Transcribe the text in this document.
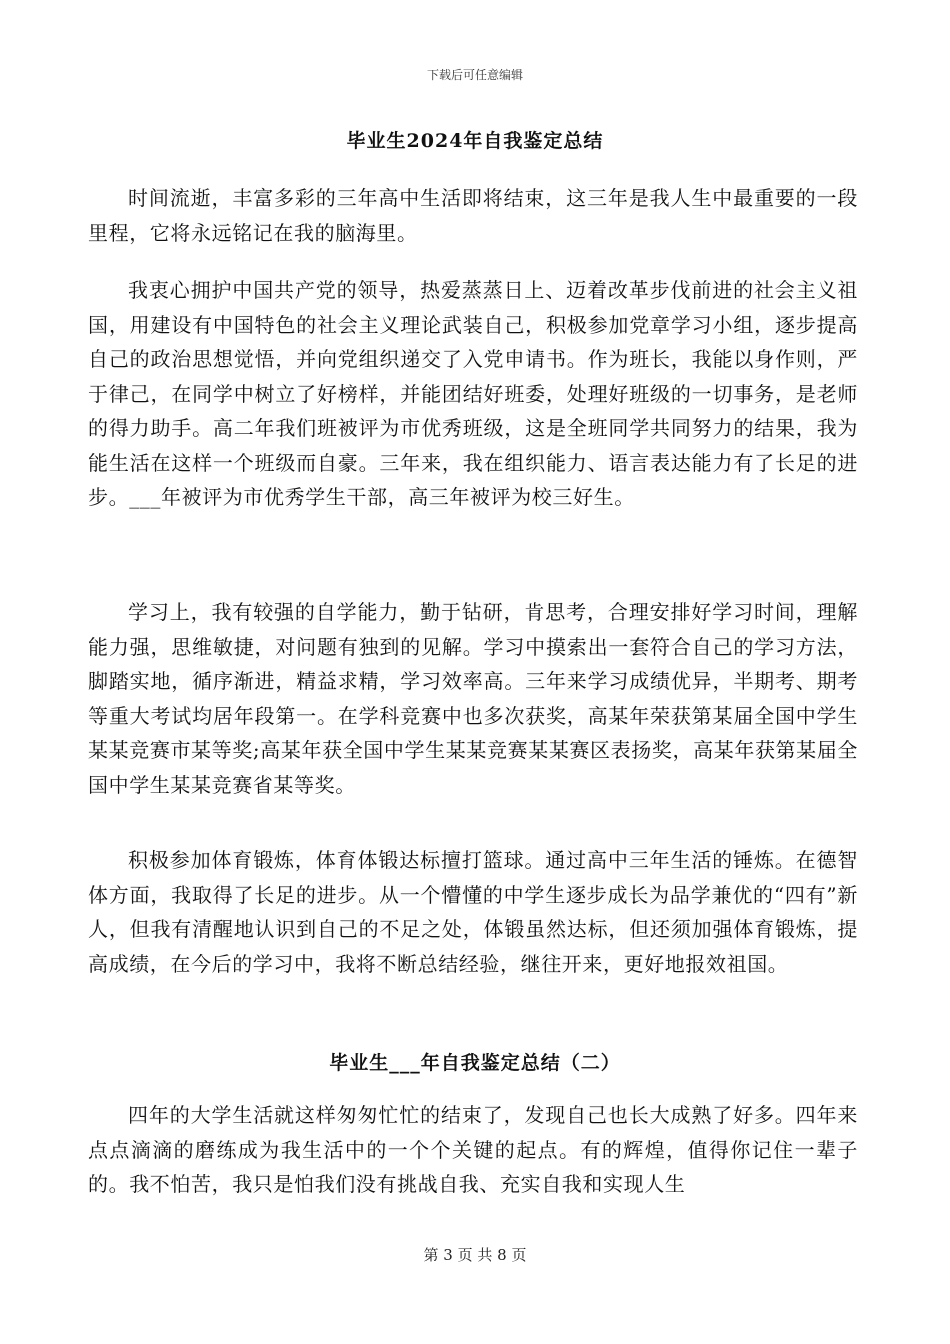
下载后可任意编辑
毕业生2024年自我鉴定总结

时间流逝，丰富多彩的三年高中生活即将结束，这三年是我人生中最重要的一段里程，它将永远铭记在我的脑海里。

我衷心拥护中国共产党的领导，热爱蒸蒸日上、迈着改革步伐前进的社会主义祖国，用建设有中国特色的社会主义理论武装自己，积极参加党章学习小组，逐步提高自己的政治思想觉悟，并向党组织递交了入党申请书。作为班长，我能以身作则，严于律己，在同学中树立了好榜样，并能团结好班委，处理好班级的一切事务，是老师的得力助手。高二年我们班被评为市优秀班级，这是全班同学共同努力的结果，我为能生活在这样一个班级而自豪。三年来，我在组织能力、语言表达能力有了长足的进步。___年被评为市优秀学生干部，高三年被评为校三好生。

学习上，我有较强的自学能力，勤于钻研，肯思考，合理安排好学习时间，理解能力强，思维敏捷，对问题有独到的见解。学习中摸索出一套符合自己的学习方法，脚踏实地，循序渐进，精益求精，学习效率高。三年来学习成绩优异，半期考、期考等重大考试均居年段第一。在学科竞赛中也多次获奖，高某年荣获第某届全国中学生某某竞赛市某等奖;高某年获全国中学生某某竞赛某某赛区表扬奖，高某年获第某届全国中学生某某竞赛省某等奖。

积极参加体育锻炼，体育体锻达标擅打篮球。通过高中三年生活的锤炼。在德智体方面，我取得了长足的进步。从一个懵懂的中学生逐步成长为品学兼优的“四有”新人，但我有清醒地认识到自己的不足之处，体锻虽然达标，但还须加强体育锻炼，提高成绩，在今后的学习中，我将不断总结经验，继往开来，更好地报效祖国。

毕业生___年自我鉴定总结（二）

四年的大学生活就这样匆匆忙忙的结束了，发现自己也长大成熟了好多。四年来点点滴滴的磨练成为我生活中的一个个关键的起点。有的辉煌，值得你记住一辈子的。我不怕苦，我只是怕我们没有挑战自我、充实自我和实现人生

第 3 页 共 8 页
